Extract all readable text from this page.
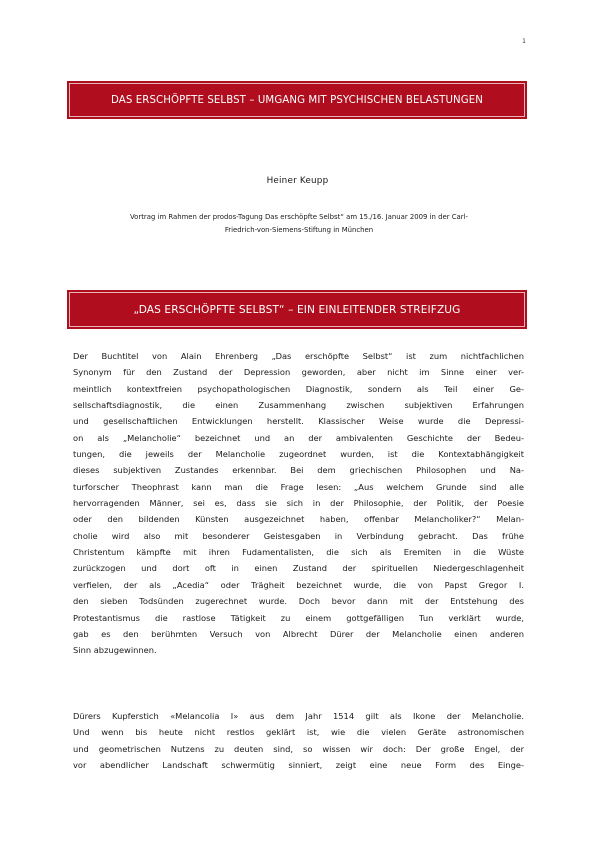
1
DAS ERSCHÖPFTE SELBST – UMGANG MIT PSYCHISCHEN BELASTUNGEN
Heiner Keupp
Vortrag im Rahmen der prodos-Tagung Das erschöpfte Selbst“ am 15./16. Januar 2009 in der Carl-
Friedrich-von-Siemens-Stiftung in München
„DAS ERSCHÖPFTE SELBST“ – EIN EINLEITENDER STREIFZUG
Der Buchtitel von Alain Ehrenberg „Das erschöpfte Selbst“ ist zum nichtfachlichen
Synonym für den Zustand der Depression geworden, aber nicht im Sinne einer ver-
meintlich kontextfreien psychopathologischen Diagnostik, sondern als Teil einer Ge-
sellschaftsdiagnostik, die einen Zusammenhang zwischen subjektiven Erfahrungen
und gesellschaftlichen Entwicklungen herstellt. Klassischer Weise wurde die Depressi-
on als „Melancholie“ bezeichnet und an der ambivalenten Geschichte der Bedeu-
tungen, die jeweils der Melancholie zugeordnet wurden, ist die Kontextabhängigkeit
dieses subjektiven Zustandes erkennbar. Bei dem griechischen Philosophen und Na-
turforscher Theophrast kann man die Frage lesen: „Aus welchem Grunde sind alle
hervorragenden Männer, sei es, dass sie sich in der Philosophie, der Politik, der Poesie
oder den bildenden Künsten ausgezeichnet haben, offenbar Melancholiker?“ Melan-
cholie wird also mit besonderer Geistesgaben in Verbindung gebracht. Das frühe
Christentum kämpfte mit ihren Fudamentalisten, die sich als Eremiten in die Wüste
zurückzogen und dort oft in einen Zustand der spirituellen Niedergeschlagenheit
verfielen, der als „Acedia“ oder Trägheit bezeichnet wurde, die von Papst Gregor I.
den sieben Todsünden zugerechnet wurde. Doch bevor dann mit der Entstehung des
Protestantismus die rastlose Tätigkeit zu einem gottgefälligen Tun verklärt wurde,
gab es den berühmten Versuch von Albrecht Dürer der Melancholie einen anderen
Sinn abzugewinnen.
Dürers Kupferstich «Melancolia I» aus dem Jahr 1514 gilt als Ikone der Melancholie.
Und wenn bis heute nicht restlos geklärt ist, wie die vielen Geräte astronomischen
und geometrischen Nutzens zu deuten sind, so wissen wir doch: Der große Engel, der
vor abendlicher Landschaft schwermütig sinniert, zeigt eine neue Form des Einge-
